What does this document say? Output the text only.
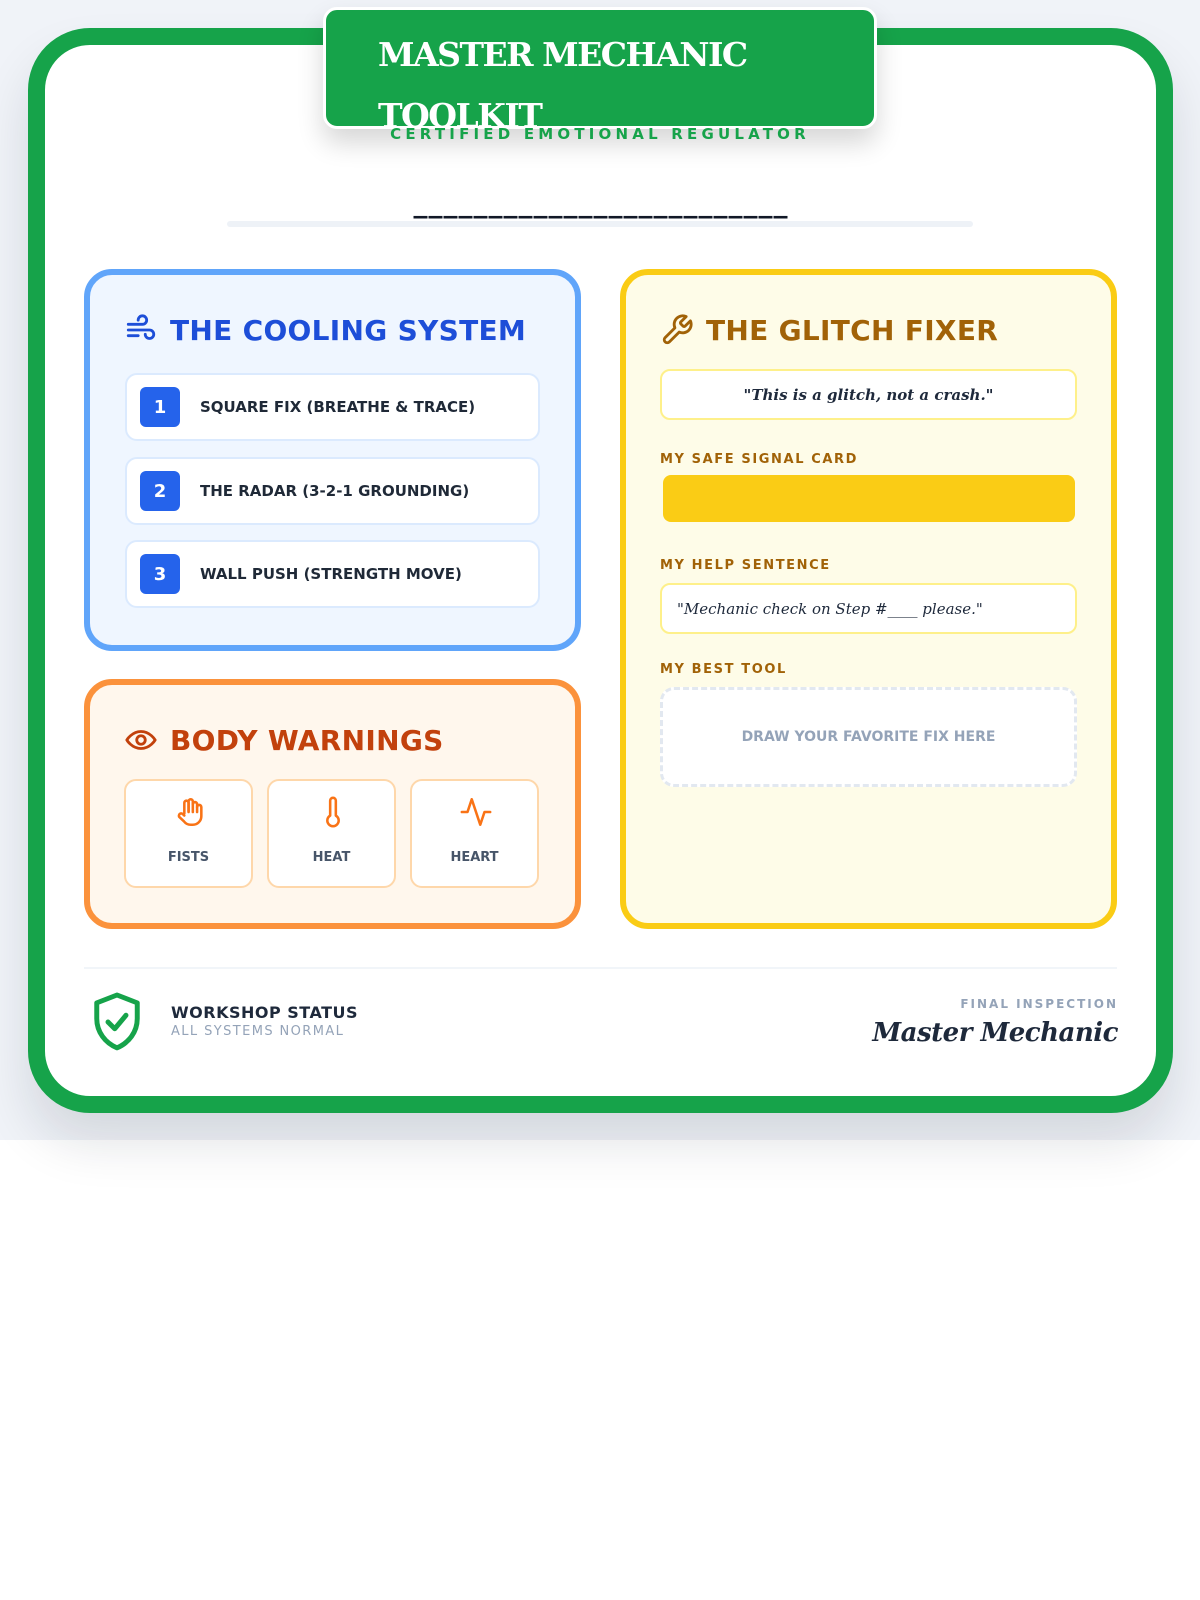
MASTER MECHANIC
TOOLKIT
CERTIFIED EMOTIONAL REGULATOR
_________________________
THE COOLING SYSTEM
1	SQUARE FIX (BREATHE & TRACE)
2	THE RADAR (3-2-1 GROUNDING)
3	WALL PUSH (STRENGTH MOVE)
BODY WARNINGS
FISTS	HEAT	HEART
THE GLITCH FIXER
"This is a glitch, not a crash."
MY SAFE SIGNAL CARD
MY HELP SENTENCE
"Mechanic check on Step #____ please."
MY BEST TOOL
DRAW YOUR FAVORITE FIX HERE
WORKSHOP STATUS
ALL SYSTEMS NORMAL
FINAL INSPECTION
Master Mechanic
